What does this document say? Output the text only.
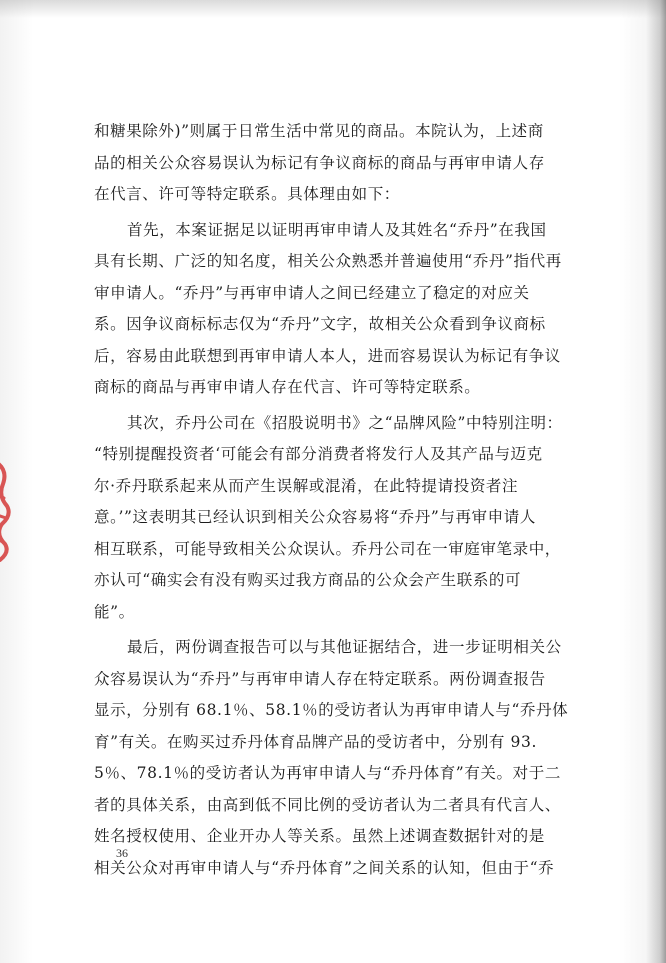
和糖果除外)”则属于日常生活中常见的商品。本院认为，上述商
品的相关公众容易误认为标记有争议商标的商品与再审申请人存
在代言、许可等特定联系。具体理由如下：
首先，本案证据足以证明再审申请人及其姓名“乔丹”在我国
具有长期、广泛的知名度，相关公众熟悉并普遍使用“乔丹”指代再
审申请人。“乔丹”与再审申请人之间已经建立了稳定的对应关
系。因争议商标标志仅为“乔丹”文字，故相关公众看到争议商标
后，容易由此联想到再审申请人本人，进而容易误认为标记有争议
商标的商品与再审申请人存在代言、许可等特定联系。
其次，乔丹公司在《招股说明书》之“品牌风险”中特别注明：
“特别提醒投资者‘可能会有部分消费者将发行人及其产品与迈克
尔·乔丹联系起来从而产生误解或混淆，在此特提请投资者注
意。’”这表明其已经认识到相关公众容易将“乔丹”与再审申请人
相互联系，可能导致相关公众误认。乔丹公司在一审庭审笔录中，
亦认可“确实会有没有购买过我方商品的公众会产生联系的可
能”。
最后，两份调查报告可以与其他证据结合，进一步证明相关公
众容易误认为“乔丹”与再审申请人存在特定联系。两份调查报告
显示，分别有 68.1％、58.1％的受访者认为再审申请人与“乔丹体
育”有关。在购买过乔丹体育品牌产品的受访者中，分别有 93.
5％、78.1％的受访者认为再审申请人与“乔丹体育”有关。对于二
者的具体关系，由高到低不同比例的受访者认为二者具有代言人、
姓名授权使用、企业开办人等关系。虽然上述调查数据针对的是
相关公众对再审申请人与“乔丹体育”之间关系的认知，但由于“乔
36
